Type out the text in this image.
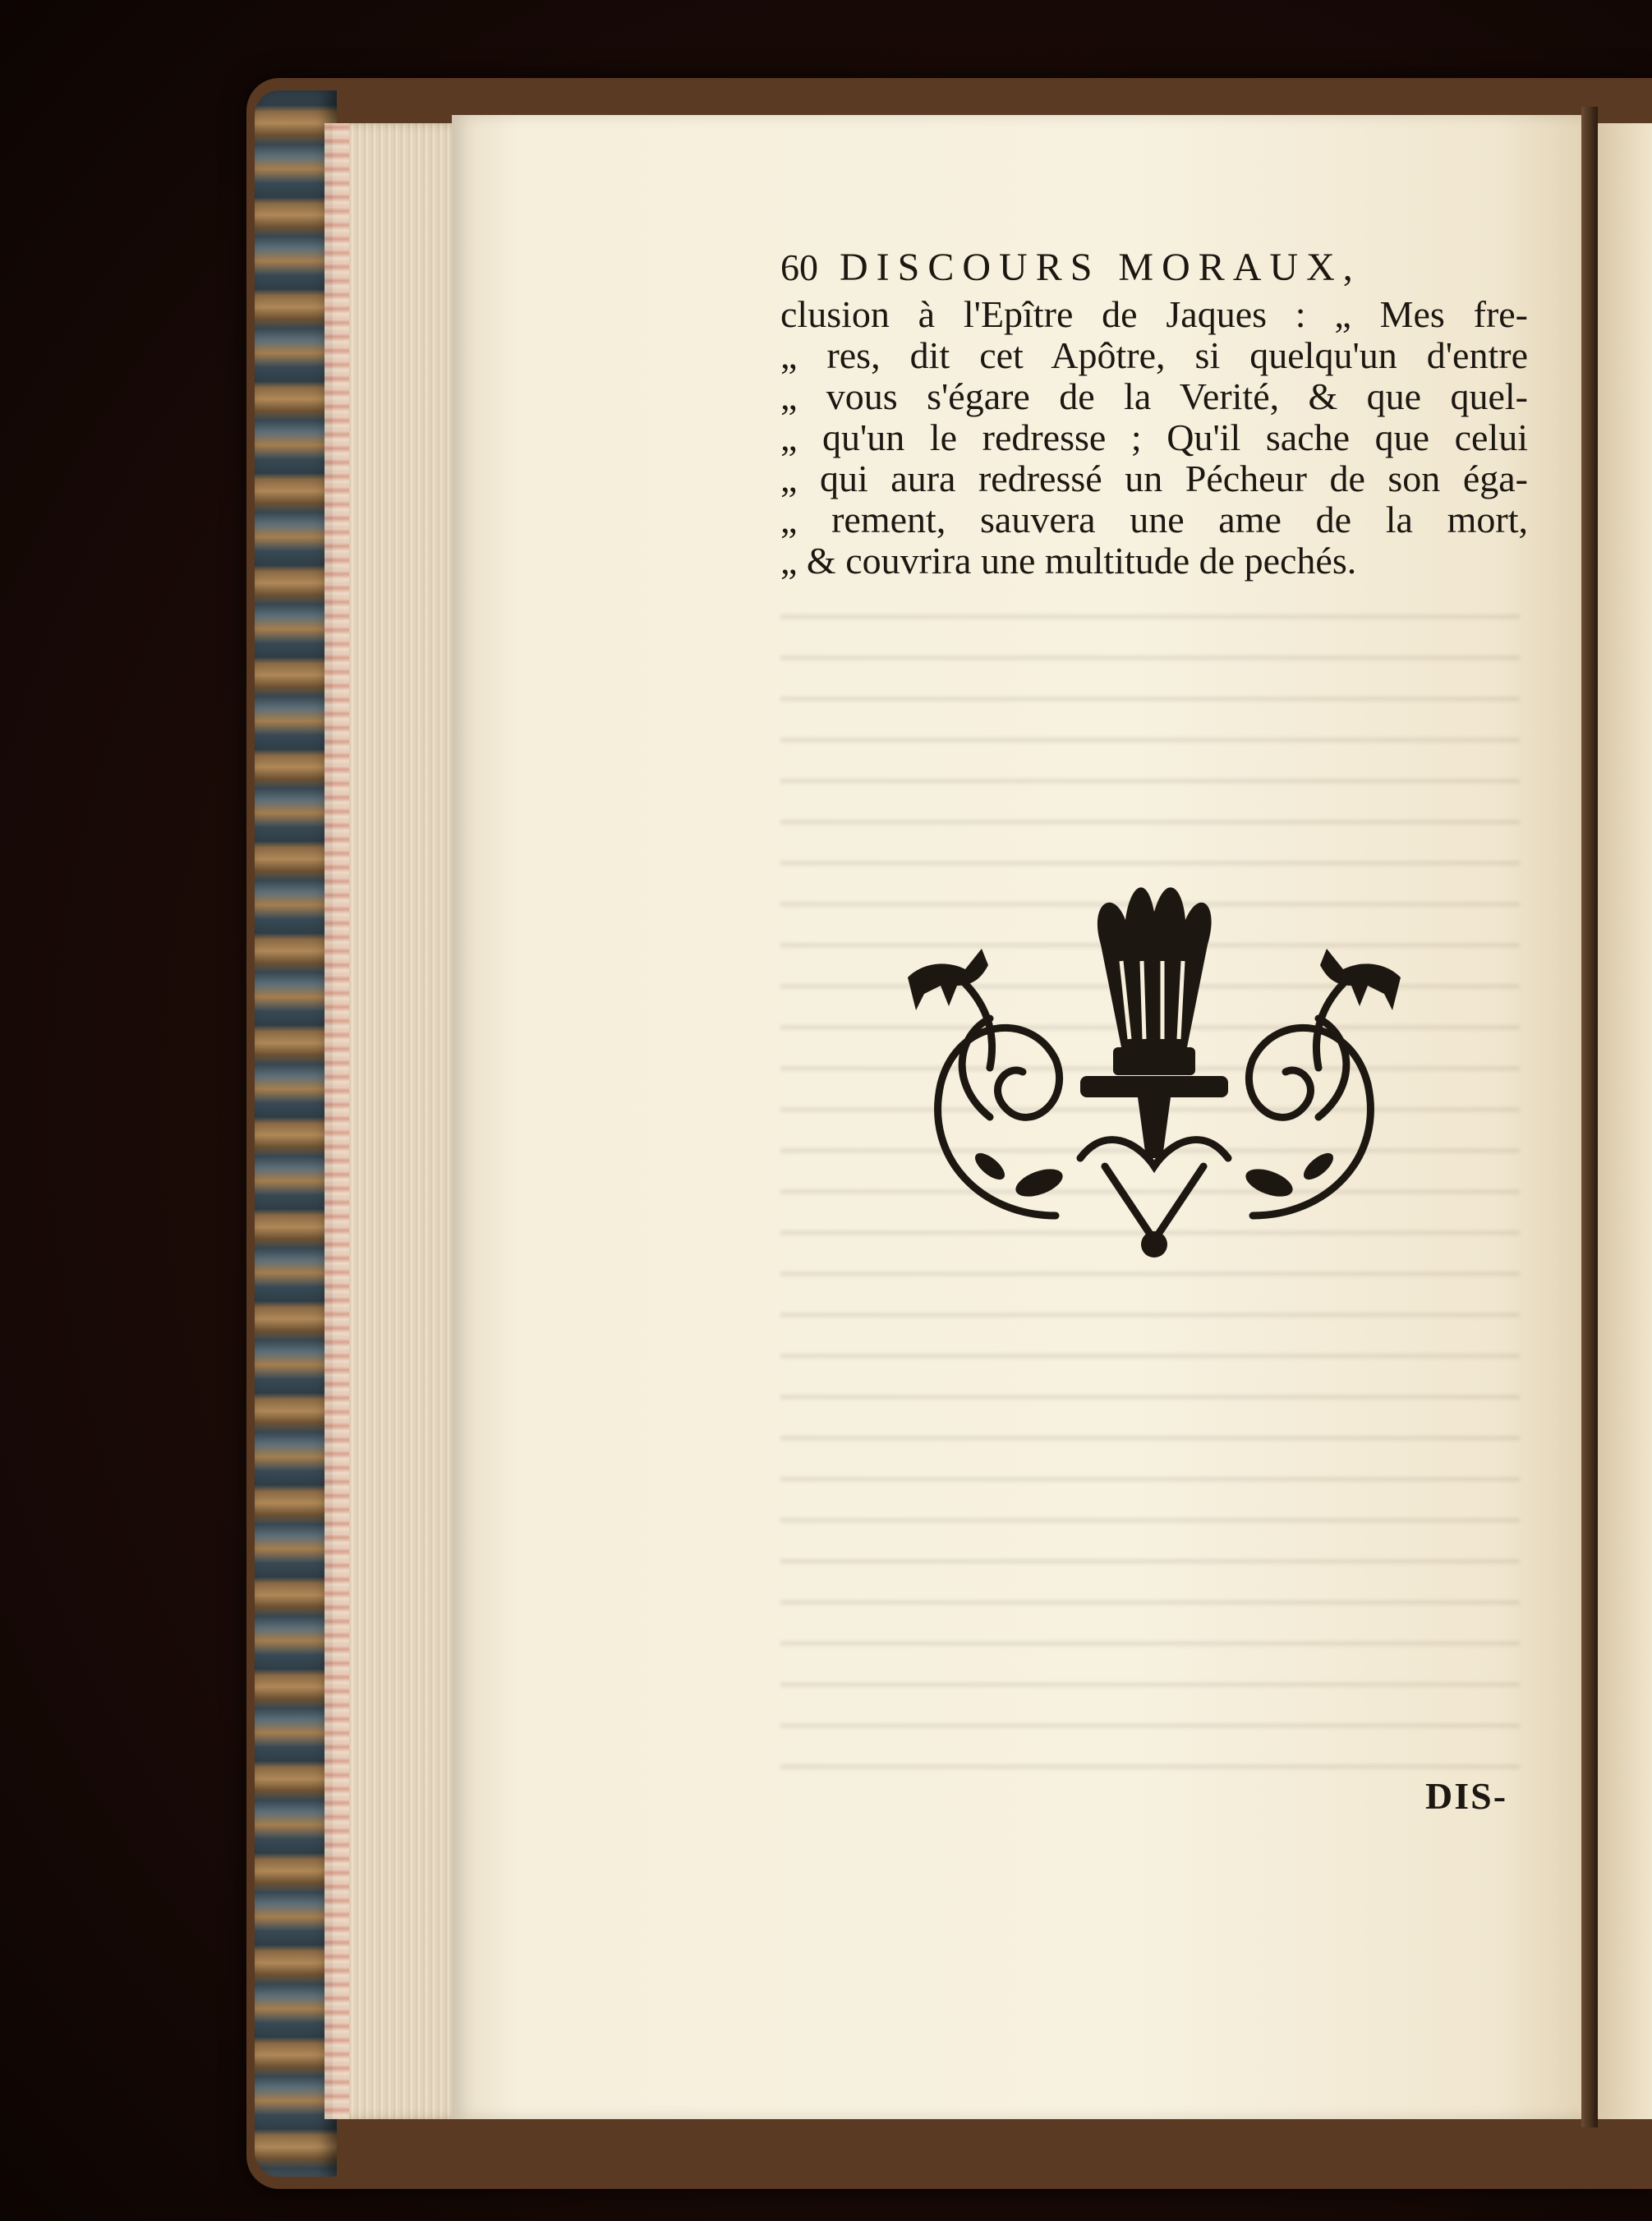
60 DISCOURS MORAUX,
clusion à l'Epître de Jaques : „ Mes fre-
„ res, dit cet Apôtre, si quelqu'un d'entre
„ vous s'égare de la Verité, & que quel-
„ qu'un le redresse ; Qu'il sache que celui
„ qui aura redressé un Pécheur de son éga-
„ rement, sauvera une ame de la mort,
„ & couvrira une multitude de pechés.
DIS-
